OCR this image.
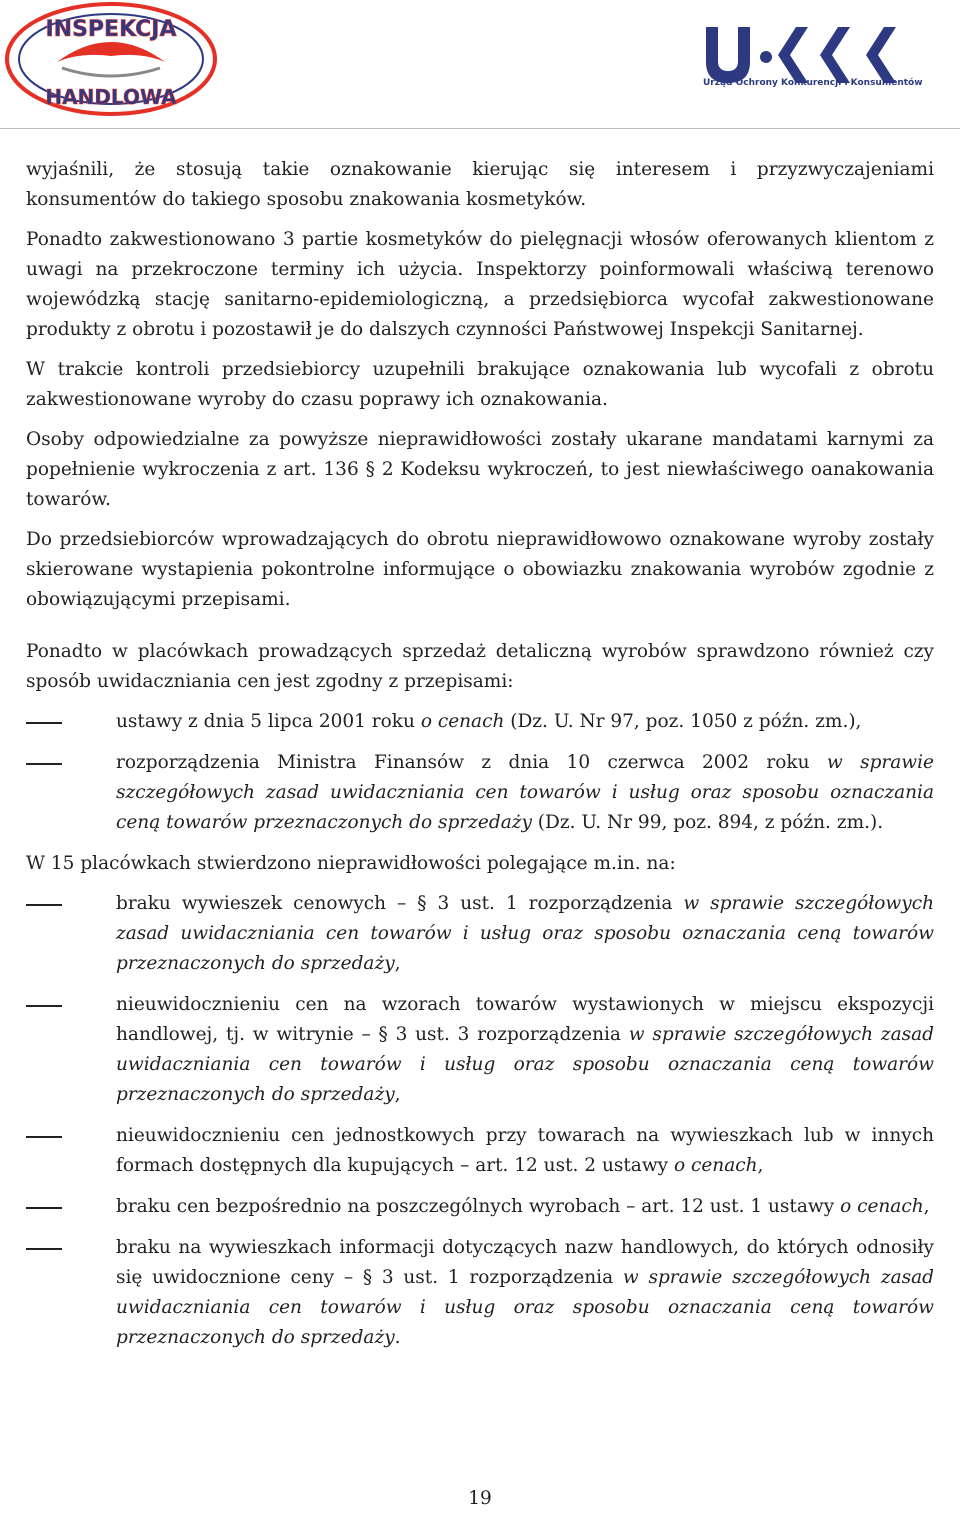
INSPEKCJA
HANDLOWA
Urząd Ochrony Konkurencji i Konsumentów

wyjaśnili, że stosują takie oznakowanie kierując się interesem i przyzwyczajeniami konsumentów do takiego sposobu znakowania kosmetyków.

Ponadto zakwestionowano 3 partie kosmetyków do pielęgnacji włosów oferowanych klientom z uwagi na przekroczone terminy ich użycia. Inspektorzy poinformowali właściwą terenowo wojewódzką stację sanitarno-epidemiologiczną, a przedsiębiorca wycofał zakwestionowane produkty z obrotu i pozostawił je do dalszych czynności Państwowej Inspekcji Sanitarnej.

W trakcie kontroli przedsiebiorcy uzupełnili brakujące oznakowania lub wycofali z obrotu zakwestionowane wyroby do czasu poprawy ich oznakowania.

Osoby odpowiedzialne za powyższe nieprawidłowości zostały ukarane mandatami karnymi za popełnienie wykroczenia z art. 136 § 2 Kodeksu wykroczeń, to jest niewłaściwego oanakowania towarów.

Do przedsiebiorców wprowadzających do obrotu nieprawidłowowo oznakowane wyroby zostały skierowane wystapienia pokontrolne informujące o obowiazku znakowania wyrobów zgodnie z obowiązującymi przepisami.

Ponadto w placówkach prowadzących sprzedaż detaliczną wyrobów sprawdzono również czy sposób uwidaczniania cen jest zgodny z przepisami:

ustawy z dnia 5 lipca 2001 roku o cenach (Dz. U. Nr 97, poz. 1050 z późn. zm.),
rozporządzenia Ministra Finansów z dnia 10 czerwca 2002 roku w sprawie szczegółowych zasad uwidaczniania cen towarów i usług oraz sposobu oznaczania ceną towarów przeznaczonych do sprzedaży (Dz. U. Nr 99, poz. 894, z późn. zm.).

W 15 placówkach stwierdzono nieprawidłowości polegające m.in. na:

braku wywieszek cenowych – § 3 ust. 1 rozporządzenia w sprawie szczegółowych zasad uwidaczniania cen towarów i usług oraz sposobu oznaczania ceną towarów przeznaczonych do sprzedaży,
nieuwidocznieniu cen na wzorach towarów wystawionych w miejscu ekspozycji handlowej, tj. w witrynie – § 3 ust. 3 rozporządzenia w sprawie szczegółowych zasad uwidaczniania cen towarów i usług oraz sposobu oznaczania ceną towarów przeznaczonych do sprzedaży,
nieuwidocznieniu cen jednostkowych przy towarach na wywieszkach lub w innych formach dostępnych dla kupujących – art. 12 ust. 2 ustawy o cenach,
braku cen bezpośrednio na poszczególnych wyrobach – art. 12 ust. 1 ustawy o cenach,
braku na wywieszkach informacji dotyczących nazw handlowych, do których odnosiły się uwidocznione ceny – § 3 ust. 1 rozporządzenia w sprawie szczegółowych zasad uwidaczniania cen towarów i usług oraz sposobu oznaczania ceną towarów przeznaczonych do sprzedaży.
19
